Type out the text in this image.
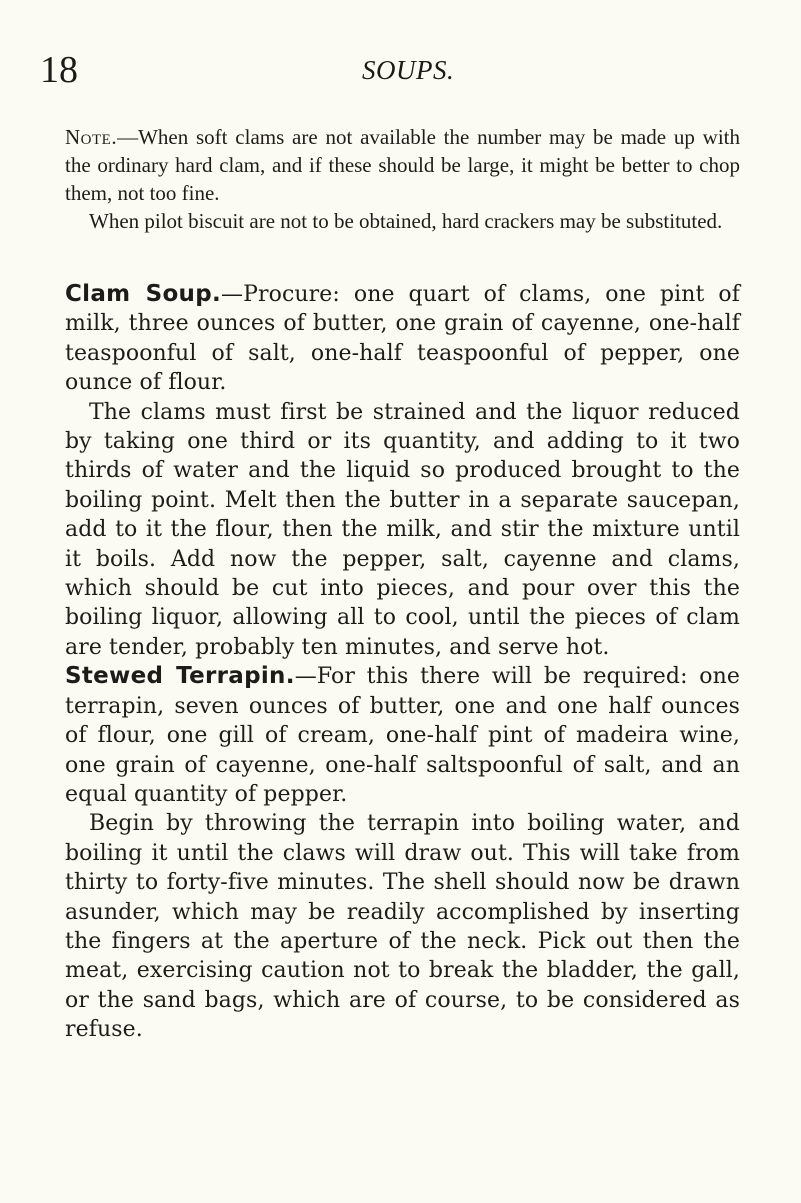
18	SOUPS.

Note.—When soft clams are not available the number may be made up with the ordinary hard clam, and if these should be large, it might be better to chop them, not too fine.

When pilot biscuit are not to be obtained, hard crackers may be substituted.

Clam Soup.—Procure: one quart of clams, one pint of milk, three ounces of butter, one grain of cayenne, one-half teaspoonful of salt, one-half teaspoonful of pepper, one ounce of flour.

The clams must first be strained and the liquor reduced by taking one third or its quantity, and adding to it two thirds of water and the liquid so produced brought to the boiling point. Melt then the butter in a separate saucepan, add to it the flour, then the milk, and stir the mixture until it boils. Add now the pepper, salt, cayenne and clams, which should be cut into pieces, and pour over this the boiling liquor, allowing all to cool, until the pieces of clam are tender, probably ten minutes, and serve hot.

Stewed Terrapin.—For this there will be required: one terrapin, seven ounces of butter, one and one half ounces of flour, one gill of cream, one-half pint of madeira wine, one grain of cayenne, one-half saltspoonful of salt, and an equal quantity of pepper.

Begin by throwing the terrapin into boiling water, and boiling it until the claws will draw out. This will take from thirty to forty-five minutes. The shell should now be drawn asunder, which may be readily accomplished by inserting the fingers at the aperture of the neck. Pick out then the meat, exercising caution not to break the bladder, the gall, or the sand bags, which are of course, to be considered as refuse.
